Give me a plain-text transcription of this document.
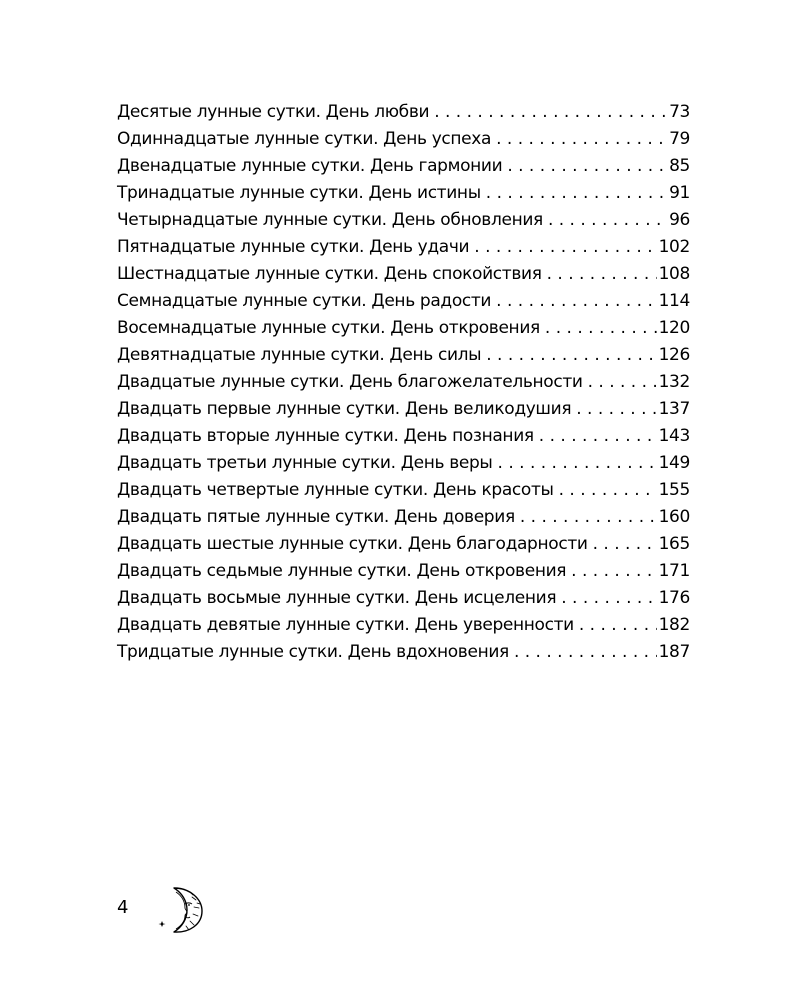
Десятые лунные сутки. День любви . . .	73
Одиннадцатые лунные сутки. День успеха . . .	79
Двенадцатые лунные сутки. День гармонии . . .	85
Тринадцатые лунные сутки. День истины . . .	91
Четырнадцатые лунные сутки. День обновления . . .	96
Пятнадцатые лунные сутки. День удачи . . .	102
Шестнадцатые лунные сутки. День спокойствия . . .	108
Семнадцатые лунные сутки. День радости . . .	114
Восемнадцатые лунные сутки. День откровения . . .	120
Девятнадцатые лунные сутки. День силы . . .	126
Двадцатые лунные сутки. День благожелательности . . .	132
Двадцать первые лунные сутки. День великодушия . . .	137
Двадцать вторые лунные сутки. День познания . . .	143
Двадцать третьи лунные сутки. День веры . . .	149
Двадцать четвертые лунные сутки. День красоты . . .	155
Двадцать пятые лунные сутки. День доверия . . .	160
Двадцать шестые лунные сутки. День благодарности . . .	165
Двадцать седьмые лунные сутки. День откровения . . .	171
Двадцать восьмые лунные сутки. День исцеления . . .	176
Двадцать девятые лунные сутки. День уверенности . . .	182
Тридцатые лунные сутки. День вдохновения . . .	187
4
